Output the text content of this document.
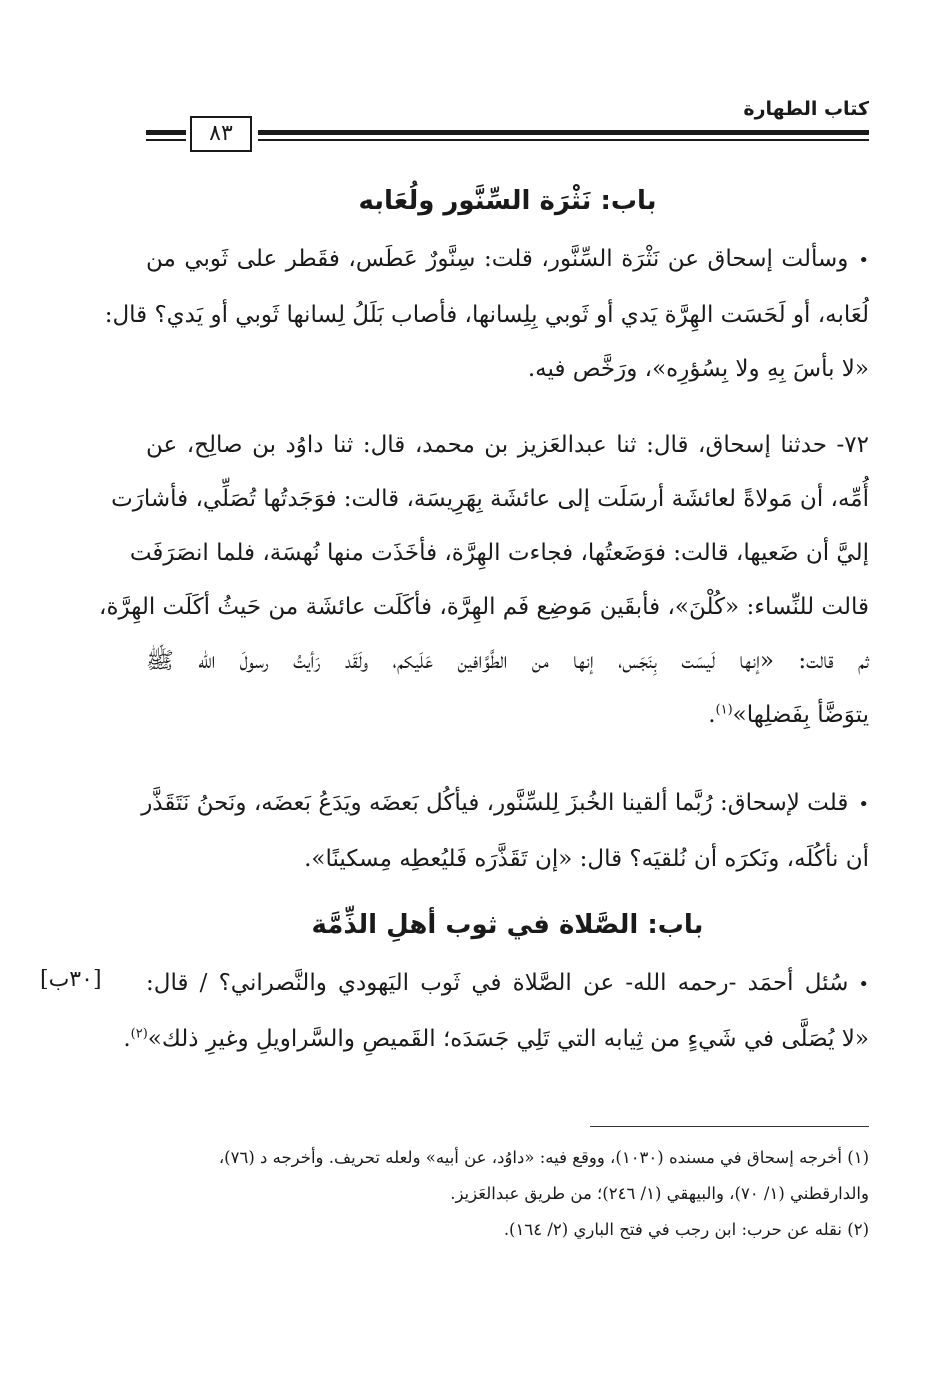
كتاب الطهارة
٨٣
باب: نَثْرَة السِّنَّور ولُعَابه
•وسألت إسحاق عن نَثْرَة السِّنَّور، قلت: سِنَّورٌ عَطَس، فقَطر على ثَوبي من
لُعَابه، أو لَحَسَت الهِرَّة يَدي أو ثَوبي بِلِسانها، فأصاب بَلَلُ لِسانها ثَوبي أو يَدي؟ قال:
«لا بأسَ بِهِ ولا بِسُؤرِه»، ورَخَّص فيه.
٧٢- حدثنا إسحاق، قال: ثنا عبدالعَزيز بن محمد، قال: ثنا داوُد بن صالِح، عن
أُمِّه، أن مَولاةً لعائشَة أرسَلَت إلى عائشَة بِهَرِيسَة، قالت: فوَجَدتُها تُصَلِّي، فأشارَت
إليَّ أن ضَعيها، قالت: فوَضَعتُها، فجاءت الهِرَّة، فأخَذَت منها نُهسَة، فلما انصَرَفَت
قالت للنِّساء: «كُلْنَ»، فأبقَين مَوضِع فَم الهِرَّة، فأكَلَت عائشَة من حَيثُ أكَلَت الهِرَّة،
ثم قالت: «إنها لَيسَت بِنَجَس، إنها من الطَّوَّافين عَلَيكم، ولَقَد رَأيتُ رسولَ الله ﷺ
يتوَضَّأ بِفَضلِها»$^{(١)}$.
•قلت لإسحاق: رُبَّما ألقينا الخُبزَ لِلسِّنَّور، فيأكُل بَعضَه ويَدَعُ بَعضَه، ونَحنُ نَتَقَذَّر
أن نأكُلَه، ونَكرَه أن نُلقيَه؟ قال: «إن تَقَذَّرَه فَليُعطِه مِسكينًا».
باب: الصَّلاة في ثوب أهلِ الذِّمَّة
•سُئل أحمَد -رحمه الله- عن الصَّلاة في ثَوب اليَهودي والنَّصراني؟ / قال:
«لا يُصَلَّى في شَيءٍ من ثِيابه التي تَلِي جَسَدَه؛ القَميصِ والسَّراويلِ وغيرِ ذلك»$^{(٢)}$.
[٣٠ب]
(١) أخرجه إسحاق في مسنده (١٠٣٠)، ووقع فيه: «داوُد، عن أبيه» ولعله تحريف. وأخرجه د (٧٦)،
والدارقطني (١/ ٧٠)، والبيهقي (١/ ٢٤٦)؛ من طريق عبدالعَزيز.
(٢) نقله عن حرب: ابن رجب في فتح الباري (٢/ ١٦٤).
